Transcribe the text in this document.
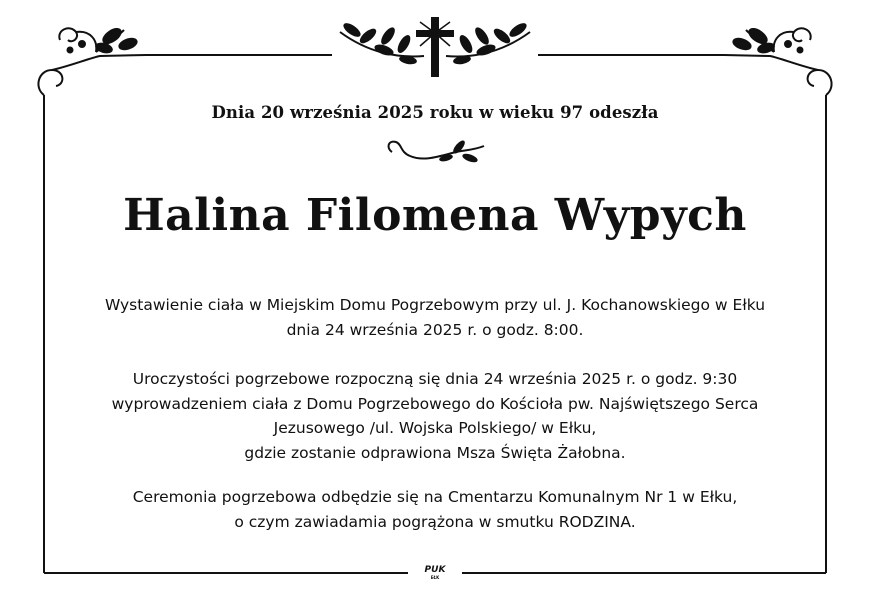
Dnia 20 września 2025 roku w wieku 97 odeszła
Halina Filomena Wypych
Wystawienie ciała w Miejskim Domu Pogrzebowym przy ul. J. Kochanowskiego w Ełku
dnia 24 września 2025 r. o godz. 8:00.
Uroczystości pogrzebowe rozpoczną się dnia 24 września 2025 r. o godz. 9:30
wyprowadzeniem ciała z Domu Pogrzebowego do Kościoła pw. Najświętszego Serca
Jezusowego /ul. Wojska Polskiego/ w Ełku,
gdzie zostanie odprawiona Msza Święta Żałobna.
Ceremonia pogrzebowa odbędzie się na Cmentarzu Komunalnym Nr 1 w Ełku,
o czym zawiadamia pogrążona w smutku RODZINA.
PUK
EŁK
